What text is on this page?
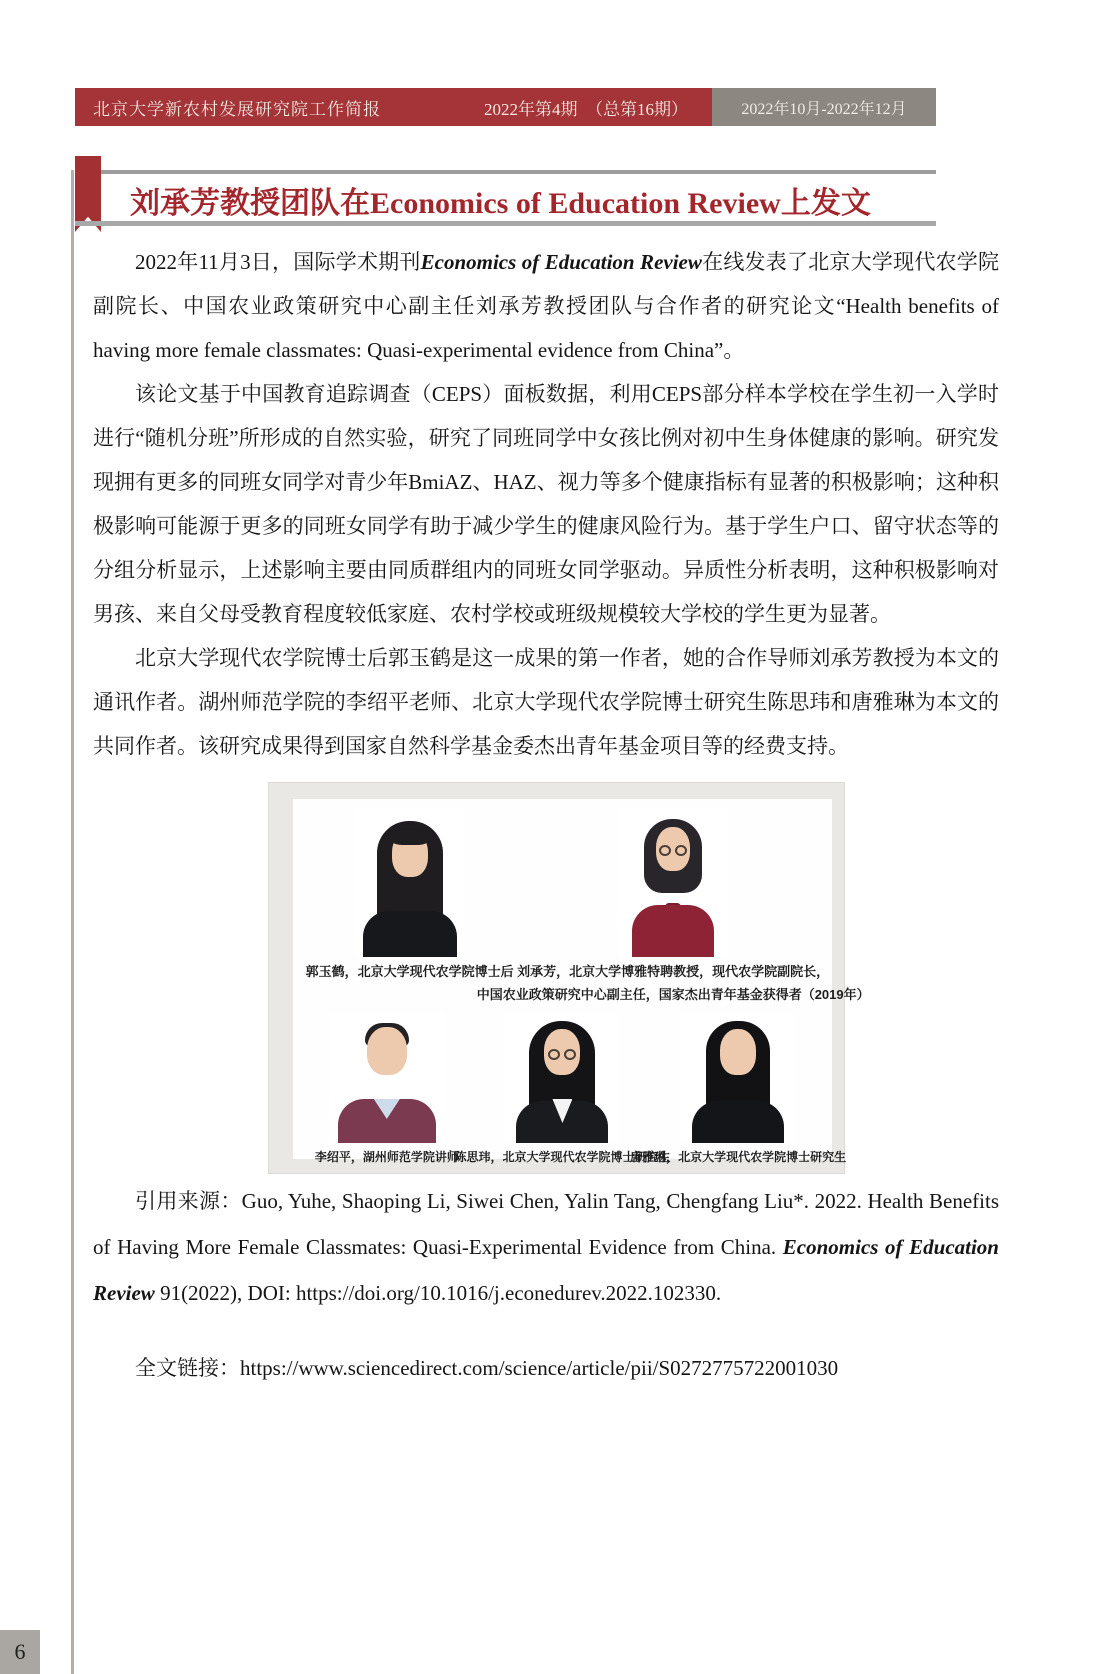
北京大学新农村发展研究院工作简报	2022年第4期　（总第16期）	2022年10月-2022年12月
刘承芳教授团队在Economics of Education Review上发文

2022年11月3日，国际学术期刊Economics of Education Review在线发表了北京大学现代农学院副院长、中国农业政策研究中心副主任刘承芳教授团队与合作者的研究论文“Health benefits of having more female classmates: Quasi-experimental evidence from China”。

该论文基于中国教育追踪调查（CEPS）面板数据，利用CEPS部分样本学校在学生初一入学时进行“随机分班”所形成的自然实验，研究了同班同学中女孩比例对初中生身体健康的影响。研究发现拥有更多的同班女同学对青少年BmiAZ、HAZ、视力等多个健康指标有显著的积极影响；这种积极影响可能源于更多的同班女同学有助于减少学生的健康风险行为。基于学生户口、留守状态等的分组分析显示，上述影响主要由同质群组内的同班女同学驱动。异质性分析表明，这种积极影响对男孩、来自父母受教育程度较低家庭、农村学校或班级规模较大学校的学生更为显著。

北京大学现代农学院博士后郭玉鹤是这一成果的第一作者，她的合作导师刘承芳教授为本文的通讯作者。湖州师范学院的李绍平老师、北京大学现代农学院博士研究生陈思玮和唐雅琳为本文的共同作者。该研究成果得到国家自然科学基金委杰出青年基金项目等的经费支持。

郭玉鹤，北京大学现代农学院博士后 刘承芳，北京大学博雅特聘教授，现代农学院副院长，
中国农业政策研究中心副主任，国家杰出青年基金获得者（2019年）
李绍平，湖州师范学院讲师
陈思玮，北京大学现代农学院博士研究生
唐雅琳，北京大学现代农学院博士研究生

引用来源：Guo, Yuhe, Shaoping Li, Siwei Chen, Yalin Tang, Chengfang Liu*. 2022. Health Benefits of Having More Female Classmates: Quasi-Experimental Evidence from China. Economics of Education Review 91(2022), DOI: https://doi.org/10.1016/j.econedurev.2022.102330.

全文链接：https://www.sciencedirect.com/science/article/pii/S0272775722001030

6
